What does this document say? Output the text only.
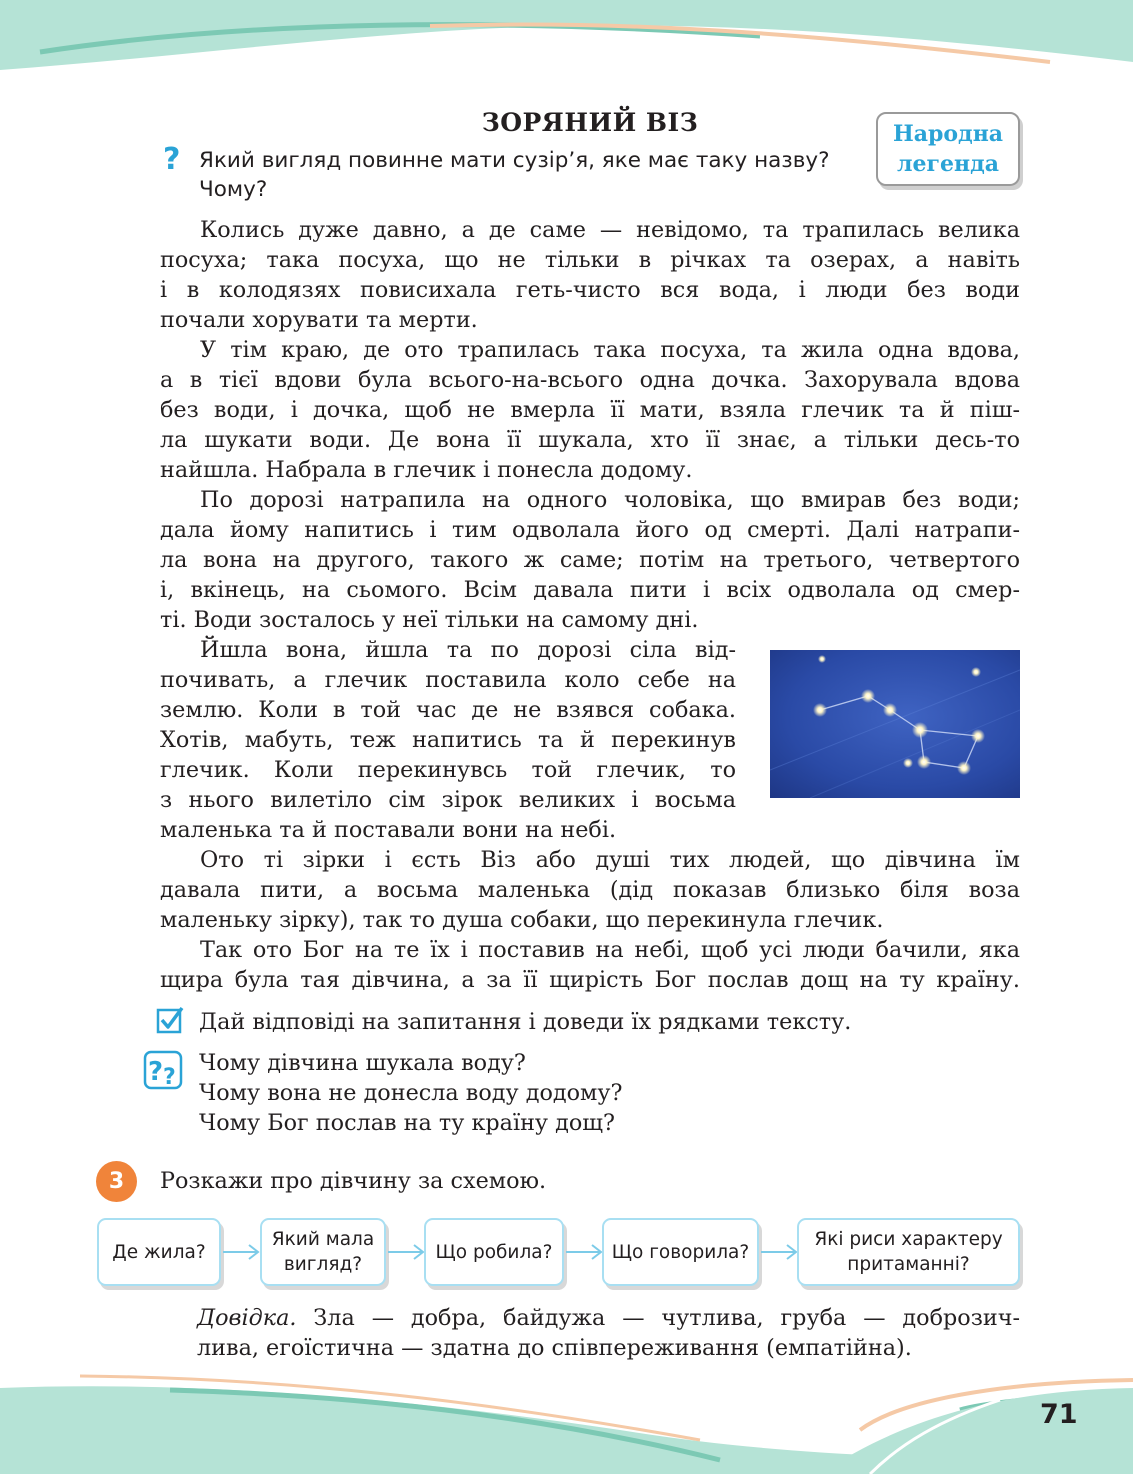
ЗОРЯНИЙ ВІЗ	Народна
легенда
? Який вигляд повинне мати сузір’я, яке має таку назву?
Чому?
Колись дуже давно, а де саме — невідомо, та трапилась велика
посуха; така посуха, що не тільки в річках та озерах, а навіть
і в колодязях повисихала геть-чисто вся вода, і люди без води
почали хорувати та мерти.
У тім краю, де ото трапилась така посуха, та жила одна вдова,
а в тієї вдови була всього-на-всього одна дочка. Захорувала вдова
без води, і дочка, щоб не вмерла її мати, взяла глечик та й піш-
ла шукати води. Де вона її шукала, хто її знає, а тільки десь-то
найшла. Набрала в глечик і понесла додому.
По дорозі натрапила на одного чоловіка, що вмирав без води;
дала йому напитись і тим одволала його од смерті. Далі натрапи-
ла вона на другого, такого ж саме; потім на третього, четвертого
і, вкінець, на сьомого. Всім давала пити і всіх одволала од смер-
ті. Води зосталось у неї тільки на самому дні.
Йшла вона, йшла та по дорозі сіла від-
почивать, а глечик поставила коло себе на
землю. Коли в той час де не взявся собака.
Хотів, мабуть, теж напитись та й перекинув
глечик. Коли перекинувсь той глечик, то
з нього вилетіло сім зірок великих і восьма
маленька та й поставали вони на небі.
Ото ті зірки і єсть Віз або душі тих людей, що дівчина їм
давала пити, а восьма маленька (дід показав близько біля воза
маленьку зірку), так то душа собаки, що перекинула глечик.
Так ото Бог на те їх і поставив на небі, щоб усі люди бачили, яка
щира була тая дівчина, а за її щирість Бог послав дощ на ту країну.
Дай відповіді на запитання і доведи їх рядками тексту.
? ?
Чому дівчина шукала воду?
Чому вона не донесла воду додому?
Чому Бог послав на ту країну дощ?
3	Розкажи про дівчину за схемою.
Де жила?
Який мала
вигляд?
Що робила?	Що говорила?
Які риси характеру
притаманні?
Довідка. Зла — добра, байдужа — чутлива, груба — доброзич-
лива, егоїстична — здатна до співпереживання (емпатійна).
71
